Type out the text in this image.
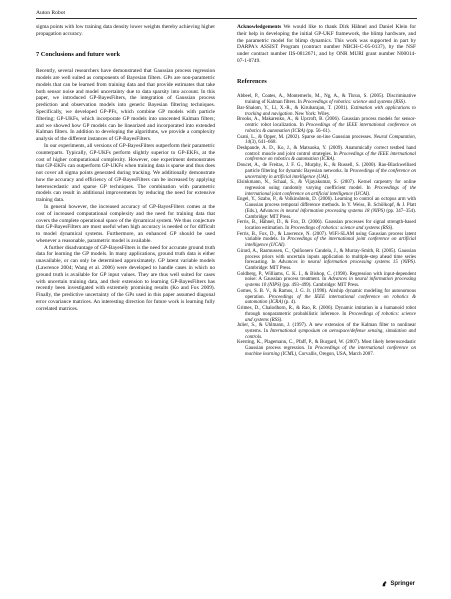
Auton Robot

sigma points with low training data density lower weights thereby achieving higher propagation accuracy.

7 Conclusions and future work

Recently, several researchers have demonstrated that Gaussian process regression models are well suited as components of Bayesian filters. GPs are non-parametric models that can be learned from training data and that provide estimates that take both sensor noise and model uncertainty due to data sparsity into account. In this paper, we introduced GP-BayesFilters, the integration of Gaussian process prediction and observation models into generic Bayesian filtering techniques. Specifically, we developed GP-PFs, which combine GP models with particle filtering; GP-UKFs, which incorporate GP models into unscented Kalman filters; and we showed how GP models can be linearized and incorporated into extended Kalman filters. In addition to developing the algorithms, we provide a complexity analysis of the different instances of GP-BayesFilters.

In our experiments, all versions of GP-BayesFilters outperform their parametric counterparts. Typically, GP-UKFs perform slightly superior to GP-EKFs, at the cost of higher computational complexity. However, one experiment demonstrates that GP-EKFs can outperform GP-UKFs when training data is sparse and thus does not cover all sigma points generated during tracking. We additionally demonstrate how the accuracy and efficiency of GP-BayesFilters can be increased by applying heteroscedastic and sparse GP techniques. The combination with parametric models can result in additional improvements by reducing the need for extensive training data.

In general however, the increased accuracy of GP-BayesFilters comes at the cost of increased computational complexity and the need for training data that covers the complete operational space of the dynamical system. We thus conjecture that GP-BayesFilters are most useful when high accuracy is needed or for difficult to model dynamical systems. Furthermore, an enhanced GP should be used whenever a reasonable, parametric model is available.

A further disadvantage of GP-BayesFilters is the need for accurate ground truth data for learning the GP models. In many applications, ground truth data is either unavailable, or can only be determined approximately. GP latent variable models (Lawrence 2004; Wang et al. 2006) were developed to handle cases in which no ground truth is available for GP input values. They are thus well suited for cases with uncertain training data, and their extension to learning GP-BayesFilters has recently been investigated with extremely promising results (Ko and Fox 2009). Finally, the predictive uncertainty of the GPs used in this paper assumed diagonal error covariance matrices. An interesting direction for future work is learning fully correlated matrices.

Acknowledgements We would like to thank Dirk Hähnel and Daniel Klein for their help in developing the initial GP-UKF framework, the blimp hardware, and the parametric model for blimp dynamics. This work was supported in part by DARPA's ASSIST Program (contract number NBCH-C-05-0137), by the NSF under contract number IIS-0812671, and by ONR MURI grant number N00014-07-1-0749.

References

Abbeel, P., Coates, A., Montemerlo, M., Ng, A., & Thrun, S. (2005). Discriminative training of Kalman filters. In Proceedings of robotics: science and systems (RSS).

Bar-Shalom, Y., Li, X.-R., & Kirubarajan, T. (2001). Estimation with applications to tracking and navigation. New York: Wiley.

Brooks, A., Makarenko, A., & Upcroft, B. (2006). Gaussian process models for sensor-centric robot localization. In Proceedings of the IEEE international conference on robotics & automation (ICRA) (pp. 56–61).

Csató, L., & Opper, M. (2002). Sparse on-line Gaussian processes. Neural Computation, 14(3), 641–668.

Deshpande, A. D., Ko, J., & Matsuoka, Y. (2009). Anatomically correct testbed hand control: muscle and joint control strategies. In Proceedings of the IEEE international conference on robotics & automation (ICRA).

Doucet, A., de Freitas, J. F. G., Murphy, K., & Russell, S. (2000). Rao-Blackwellised particle filtering for dynamic Bayesian networks. In Proceedings of the conference on uncertainty in artificial intelligence (UAI).

Elsinkmann, N., Schaal, S., & Vijayakumar, S. (2007). Kernel carpentry for online regression using randomly varying coefficient model. In Proceedings of the international joint conference on artificial intelligence (IJCAI).

Engel, Y., Szabo, P., & Volkinshtein, D. (2006). Learning to control an octopus arm with Gaussian process temporal difference methods. In Y. Weiss, B. Schölkopf, & J. Platt (Eds.), Advances in neural information processing systems 18 (NIPS) (pp. 347–354). Cambridge: MIT Press.

Ferris, B., Hähnel, D., & Fox, D. (2006). Gaussian processes for signal strength-based location estimation. In Proceedings of robotics: science and systems (RSS).

Ferris, B., Fox, D., & Lawrence, N. (2007). WiFi-SLAM using Gaussian process latent variable models. In Proceedings of the international joint conference on artificial intelligence (IJCAI).

Girard, A., Rasmussen, C., Quiñonero Candela, J., & Murray-Smith, R. (2005). Gaussian process priors with uncertain inputs application to multiple-step ahead time series forecasting. In Advances in neural information processing systems 15 (NIPS). Cambridge: MIT Press.

Goldberg, P., Williams, C. K. I., & Bishop, C. (1998). Regression with input-dependent noise: A Gaussian process treatment. In Advances in neural information processing systems 10 (NIPS) (pp. 493–499). Cambridge: MIT Press.

Gomes, S. B. V., & Ramos, J. G. Jr. (1998). Airship dynamic modeling for autonomous operation. Proceedings of the IEEE international conference on robotics & automation (ICRA) (p. 4).

Grimes, D., Chalodhorn, R., & Rao, R. (2006). Dynamic imitation in a humanoid robot through nonparametric probabilistic inference. In Proceedings of robotics: science and systems (RSS).

Julier, S., & Uhlmann, J. (1997). A new extension of the Kalman filter to nonlinear systems. In International symposium on aerospace/defense sensing, simulation and controls.

Kersting, K., Plagemann, C., Pfaff, P., & Burgard, W. (2007). Most likely heteroscedastic Gaussian process regression. In Proceedings of the international conference on machine learning (ICML), Corvallis, Oregon, USA, March 2007.

Springer
